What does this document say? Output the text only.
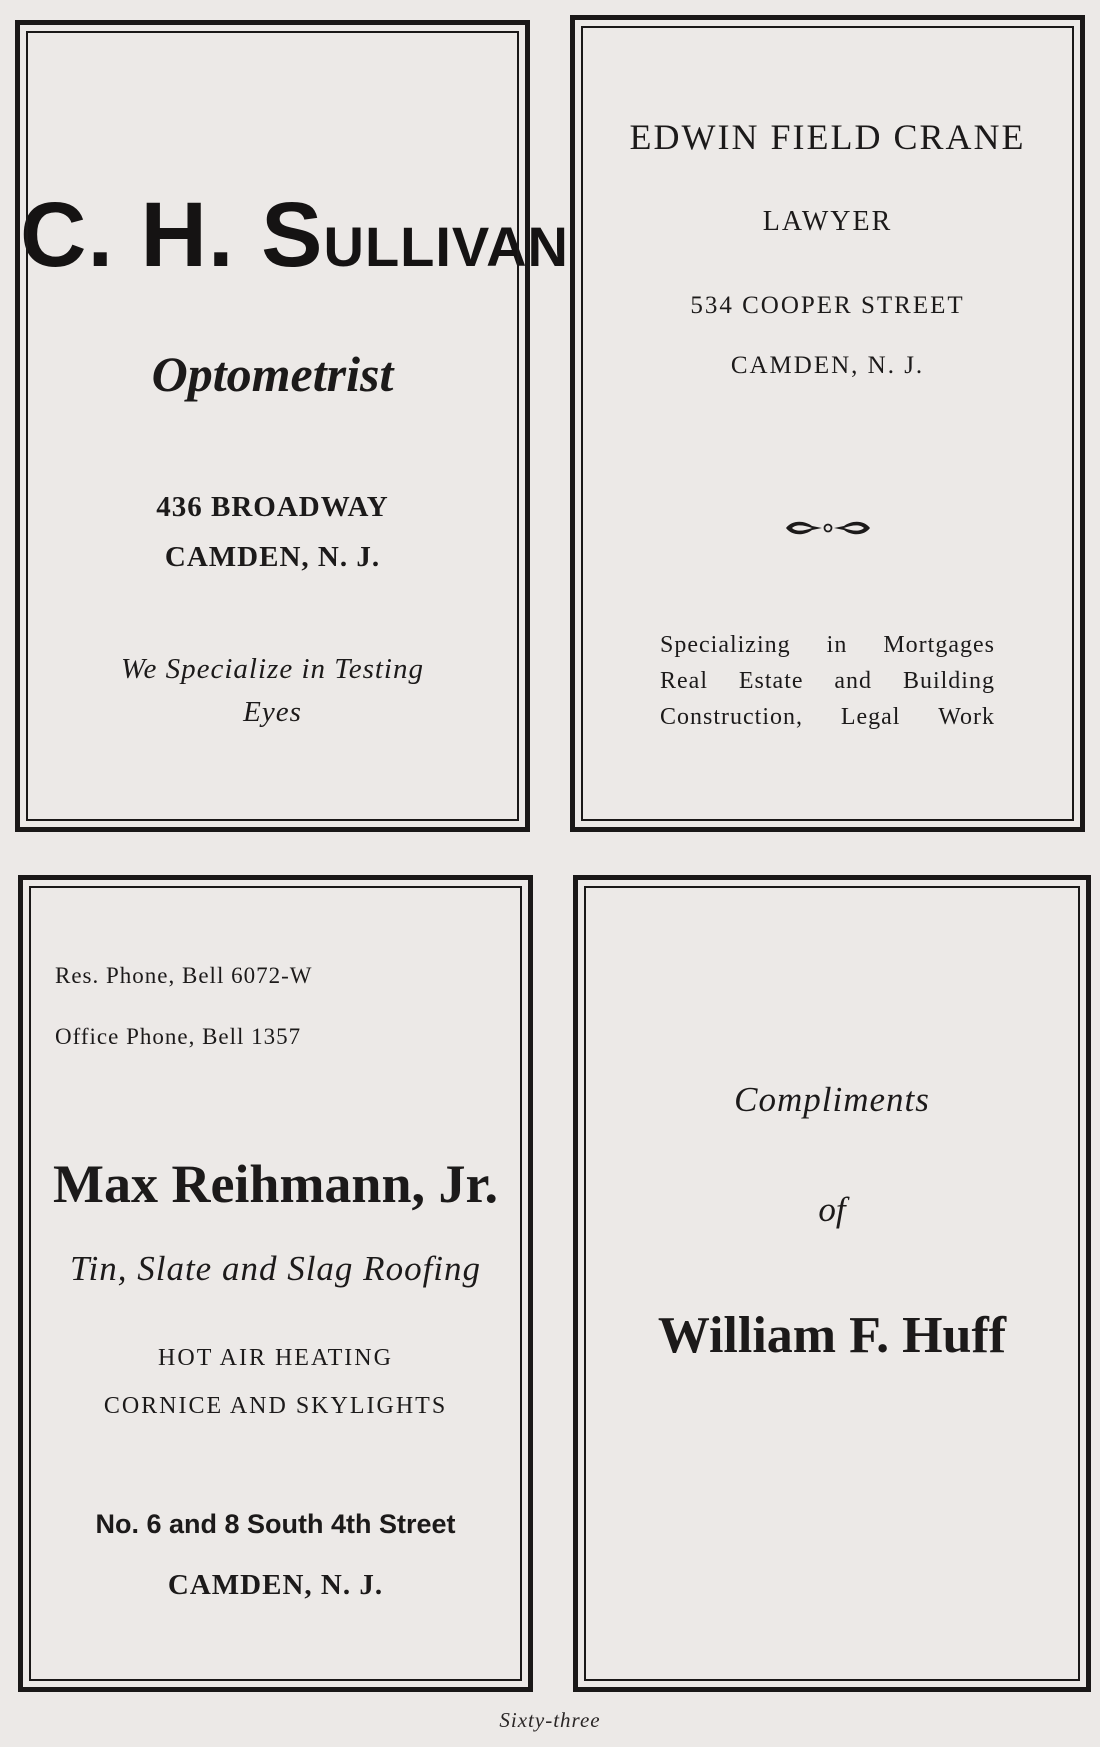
C. H. SULLIVAN
Optometrist
436 BROADWAY
CAMDEN, N. J.
We Specialize in Testing
Eyes
EDWIN FIELD CRANE
LAWYER
534 COOPER STREET
CAMDEN, N. J.
Specializing in Mortgages
Real Estate and Building
Construction, Legal Work
Res. Phone, Bell 6072-W
Office Phone, Bell 1357
Max Reihmann, Jr.
Tin, Slate and Slag Roofing
HOT AIR HEATING
CORNICE AND SKYLIGHTS
No. 6 and 8 South 4th Street
CAMDEN, N. J.
Compliments
of
William F. Huff
Sixty-three
